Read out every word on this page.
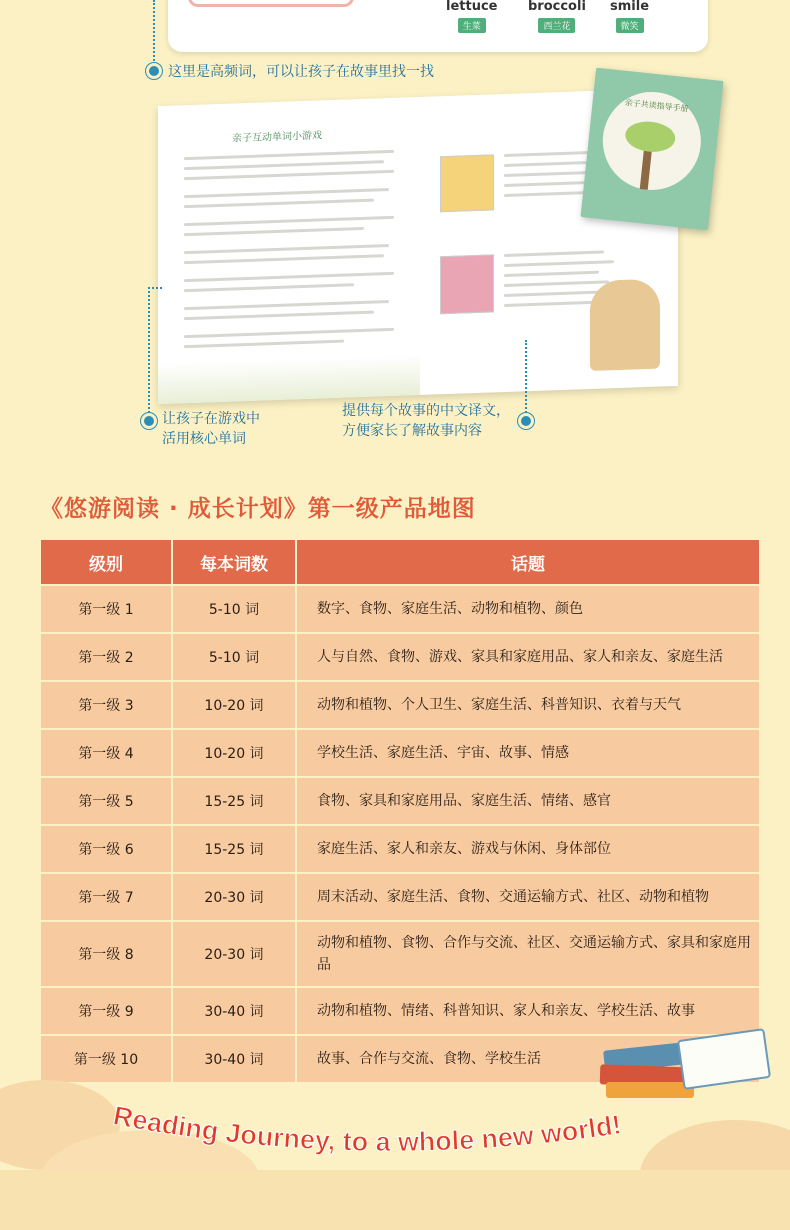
lettuce
生菜
broccoli
西兰花
smile
微笑
这里是高频词，可以让孩子在故事里找一找
亲子互动单词小游戏
亲子共读指导手册
让孩子在游戏中
活用核心单词
提供每个故事的中文译文，
方便家长了解故事内容
《悠游阅读 · 成长计划》第一级产品地图
级别	每本词数	话题
第一级 1	5-10 词	数字、食物、家庭生活、动物和植物、颜色
第一级 2	5-10 词	人与自然、食物、游戏、家具和家庭用品、家人和亲友、家庭生活
第一级 3	10-20 词	动物和植物、个人卫生、家庭生活、科普知识、衣着与天气
第一级 4	10-20 词	学校生活、家庭生活、宇宙、故事、情感
第一级 5	15-25 词	食物、家具和家庭用品、家庭生活、情绪、感官
第一级 6	15-25 词	家庭生活、家人和亲友、游戏与休闲、身体部位
第一级 7	20-30 词	周末活动、家庭生活、食物、交通运输方式、社区、动物和植物
第一级 8	20-30 词	动物和植物、食物、合作与交流、社区、交通运输方式、家具和家庭用品
第一级 9	30-40 词	动物和植物、情绪、科普知识、家人和亲友、学校生活、故事
第一级 10	30-40 词	故事、合作与交流、食物、学校生活
Reading Journey, to a whole new world!
